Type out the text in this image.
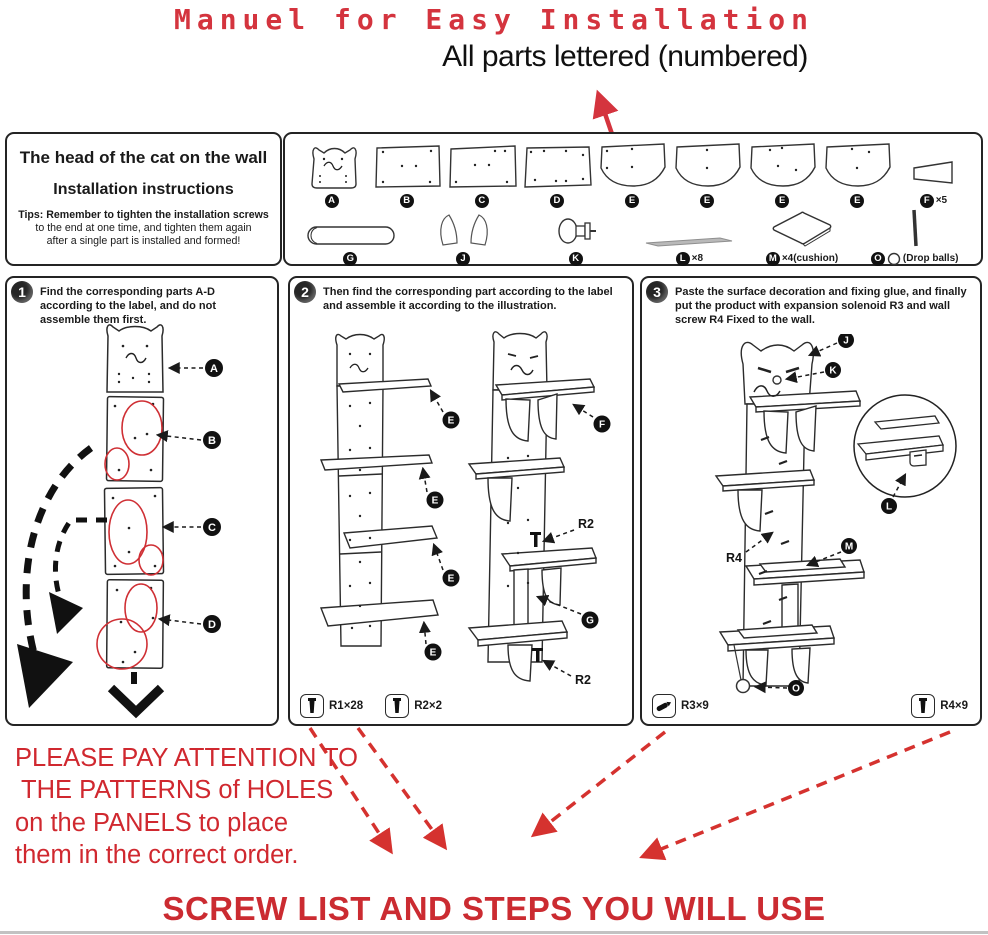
Manuel for Easy Installation
All parts lettered (numbered)
The head of the cat on the wall
Installation instructions
Tips: Remember to tighten the installation screws
to the end at one time, and tighten them again
after a single part is installed and formed!
A	B	C	D	E	E	E	E	F ×5
G	J	K	L ×8	M ×4(cushion)	O	(Drop balls)
1	Find the corresponding parts A-D according to the label, and do not assemble them first.
A
B
C
D
2	Then find the corresponding part according to the label and assemble it according to the illustration.
E
E
E
E
F
R2
G
R2
R1×28	R2×2
3	Paste the surface decoration and fixing glue, and finally put the product with expansion solenoid R3 and wall screw R4 Fixed to the wall.
J
K
L
M
R4
O
R3×9	R4×9
PLEASE PAY ATTENTION TO
THE PATTERNS of HOLES
on the PANELS to place
them in the correct order.
SCREW LIST AND STEPS YOU WILL USE
